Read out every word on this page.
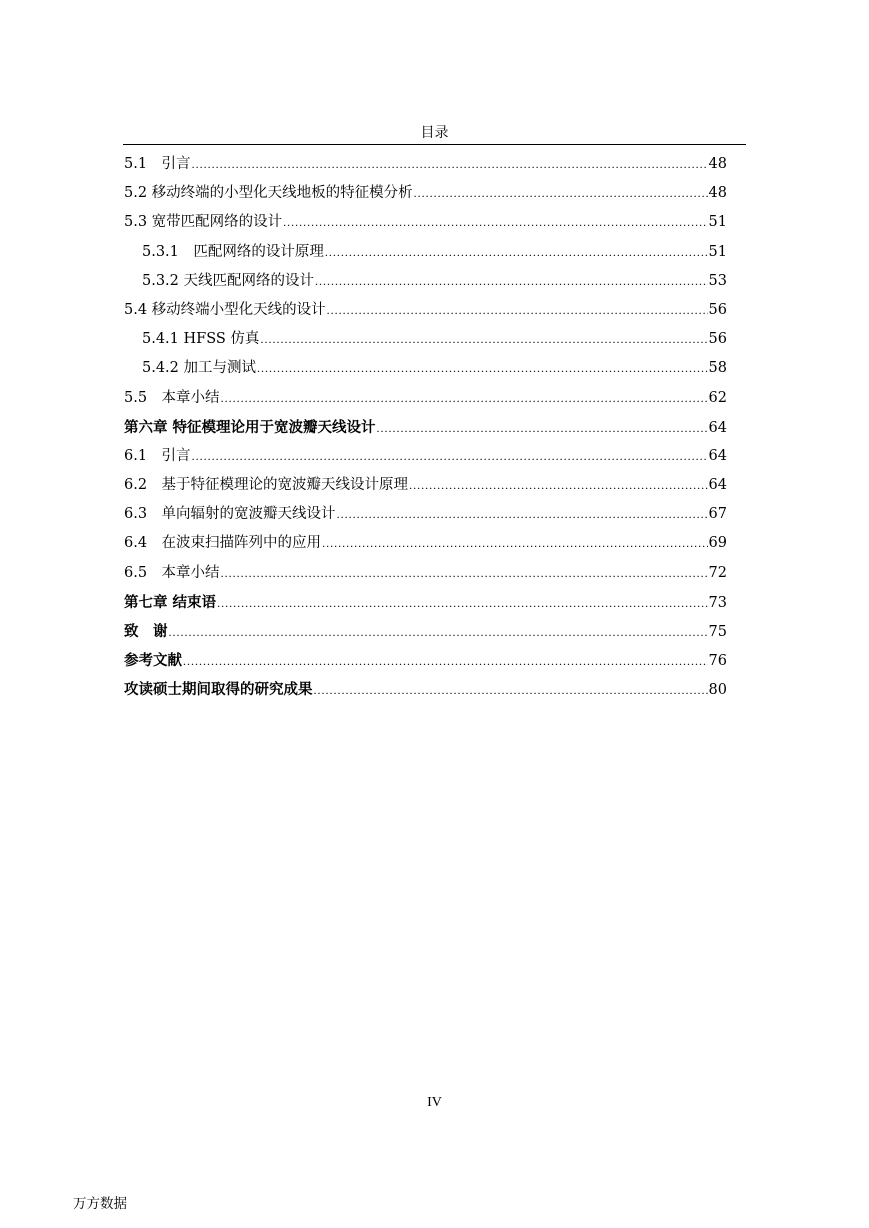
目录
5.1　引言 .....	48
5.2 移动终端的小型化天线地板的特征模分析 .....	48
5.3 宽带匹配网络的设计 .....	51
5.3.1　匹配网络的设计原理 .....	51
5.3.2 天线匹配网络的设计 .....	53
5.4 移动终端小型化天线的设计 .....	56
5.4.1 HFSS 仿真 .....	56
5.4.2 加工与测试 .....	58
5.5　本章小结 .....	62
第六章 特征模理论用于宽波瓣天线设计 .....	64
6.1　引言 .....	64
6.2　基于特征模理论的宽波瓣天线设计原理 .....	64
6.3　单向辐射的宽波瓣天线设计 .....	67
6.4　在波束扫描阵列中的应用 .....	69
6.5　本章小结 .....	72
第七章 结束语 .....	73
致　谢 .....	75
参考文献 .....	76
攻读硕士期间取得的研究成果 .....	80
IV
万方数据
